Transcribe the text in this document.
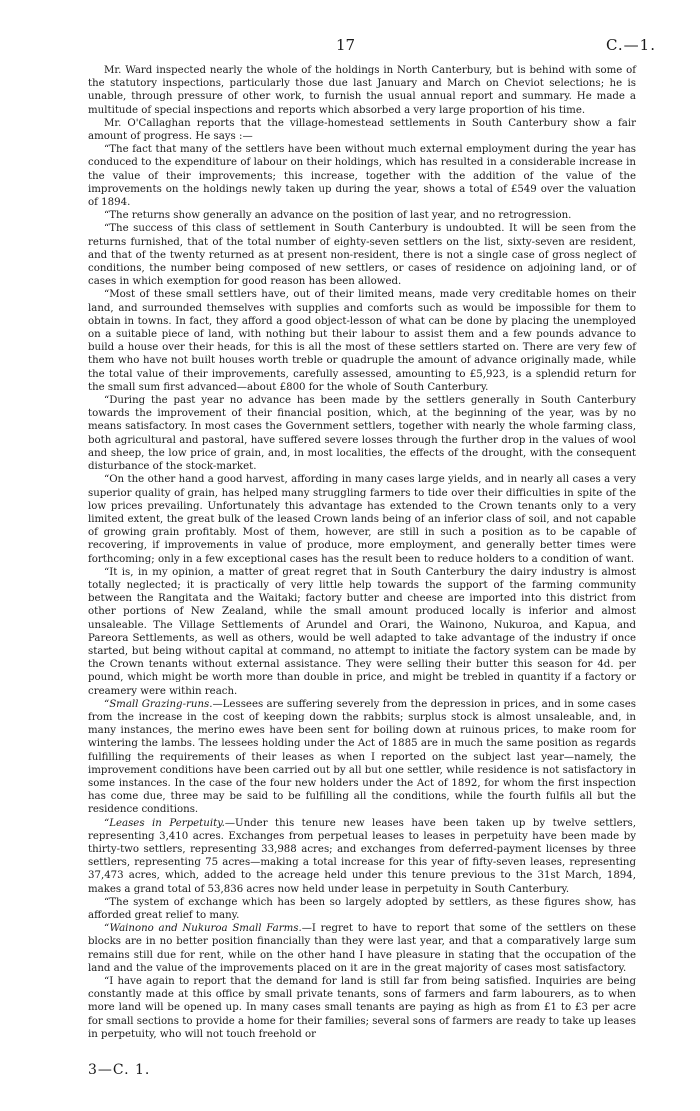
17	C.—1.

Mr. Ward inspected nearly the whole of the holdings in North Canterbury, but is behind with some of the statutory inspections, particularly those due last January and March on Cheviot selections; he is unable, through pressure of other work, to furnish the usual annual report and summary. He made a multitude of special inspections and reports which absorbed a very large proportion of his time.

Mr. O'Callaghan reports that the village-homestead settlements in South Canterbury show a fair amount of progress. He says :—

“The fact that many of the settlers have been without much external employment during the year has conduced to the expenditure of labour on their holdings, which has resulted in a considerable increase in the value of their improvements; this increase, together with the addition of the value of the improvements on the holdings newly taken up during the year, shows a total of £549 over the valuation of 1894.

“The returns show generally an advance on the position of last year, and no retrogression.

“The success of this class of settlement in South Canterbury is undoubted. It will be seen from the returns furnished, that of the total number of eighty-seven settlers on the list, sixty-seven are resident, and that of the twenty returned as at present non-resident, there is not a single case of gross neglect of conditions, the number being composed of new settlers, or cases of residence on adjoining land, or of cases in which exemption for good reason has been allowed.

“Most of these small settlers have, out of their limited means, made very creditable homes on their land, and surrounded themselves with supplies and comforts such as would be impossible for them to obtain in towns. In fact, they afford a good object-lesson of what can be done by placing the unemployed on a suitable piece of land, with nothing but their labour to assist them and a few pounds advance to build a house over their heads, for this is all the most of these settlers started on. There are very few of them who have not built houses worth treble or quadruple the amount of advance originally made, while the total value of their improvements, carefully assessed, amounting to £5,923, is a splendid return for the small sum first advanced—about £800 for the whole of South Canterbury.

“During the past year no advance has been made by the settlers generally in South Canterbury towards the improvement of their financial position, which, at the beginning of the year, was by no means satisfactory. In most cases the Government settlers, together with nearly the whole farming class, both agricultural and pastoral, have suffered severe losses through the further drop in the values of wool and sheep, the low price of grain, and, in most localities, the effects of the drought, with the consequent disturbance of the stock-market.

“On the other hand a good harvest, affording in many cases large yields, and in nearly all cases a very superior quality of grain, has helped many struggling farmers to tide over their difficulties in spite of the low prices prevailing. Unfortunately this advantage has extended to the Crown tenants only to a very limited extent, the great bulk of the leased Crown lands being of an inferior class of soil, and not capable of growing grain profitably. Most of them, however, are still in such a position as to be capable of recovering, if improvements in value of produce, more employment, and generally better times were forthcoming; only in a few exceptional cases has the result been to reduce holders to a condition of want.

“It is, in my opinion, a matter of great regret that in South Canterbury the dairy industry is almost totally neglected; it is practically of very little help towards the support of the farming community between the Rangitata and the Waitaki; factory butter and cheese are imported into this district from other portions of New Zealand, while the small amount produced locally is inferior and almost unsaleable. The Village Settlements of Arundel and Orari, the Wainono, Nukuroa, and Kapua, and Pareora Settlements, as well as others, would be well adapted to take advantage of the industry if once started, but being without capital at command, no attempt to initiate the factory system can be made by the Crown tenants without external assistance. They were selling their butter this season for 4d. per pound, which might be worth more than double in price, and might be trebled in quantity if a factory or creamery were within reach.

“Small Grazing-runs.—Lessees are suffering severely from the depression in prices, and in some cases from the increase in the cost of keeping down the rabbits; surplus stock is almost unsaleable, and, in many instances, the merino ewes have been sent for boiling down at ruinous prices, to make room for wintering the lambs. The lessees holding under the Act of 1885 are in much the same position as regards fulfilling the requirements of their leases as when I reported on the subject last year—namely, the improvement conditions have been carried out by all but one settler, while residence is not satisfactory in some instances. In the case of the four new holders under the Act of 1892, for whom the first inspection has come due, three may be said to be fulfilling all the conditions, while the fourth fulfils all but the residence conditions.

“Leases in Perpetuity.—Under this tenure new leases have been taken up by twelve settlers, representing 3,410 acres. Exchanges from perpetual leases to leases in perpetuity have been made by thirty-two settlers, representing 33,988 acres; and exchanges from deferred-payment licenses by three settlers, representing 75 acres—making a total increase for this year of fifty-seven leases, representing 37,473 acres, which, added to the acreage held under this tenure previous to the 31st March, 1894, makes a grand total of 53,836 acres now held under lease in perpetuity in South Canterbury.

“The system of exchange which has been so largely adopted by settlers, as these figures show, has afforded great relief to many.

“Wainono and Nukuroa Small Farms.—I regret to have to report that some of the settlers on these blocks are in no better position financially than they were last year, and that a comparatively large sum remains still due for rent, while on the other hand I have pleasure in stating that the occupation of the land and the value of the improvements placed on it are in the great majority of cases most satisfactory.

“I have again to report that the demand for land is still far from being satisfied. Inquiries are being constantly made at this office by small private tenants, sons of farmers and farm labourers, as to when more land will be opened up. In many cases small tenants are paying as high as from £1 to £3 per acre for small sections to provide a home for their families; several sons of farmers are ready to take up leases in perpetuity, who will not touch freehold or

3—C. 1.
